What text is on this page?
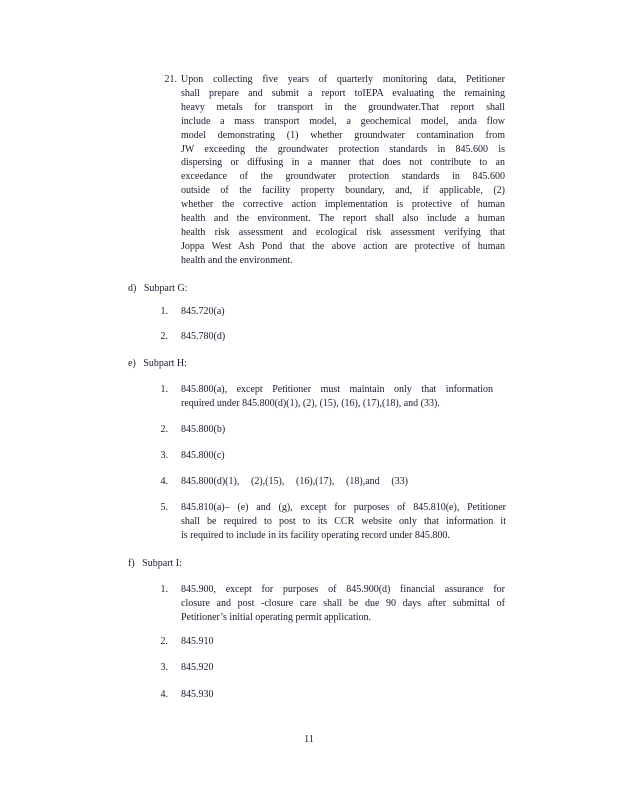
21. Upon collecting five years of quarterly monitoring data, Petitioner
shall prepare and submit a report toIEPA evaluating the remaining
heavy metals for transport in the groundwater.That report shall
include a mass transport model, a geochemical model, anda flow
model demonstrating (1) whether groundwater contamination from
JW exceeding the groundwater protection standards in 845.600 is
dispersing or diffusing in a manner that does not contribute to an
exceedance of the groundwater protection standards in 845.600
outside of the facility property boundary, and, if applicable, (2)
whether the corrective action implementation is protective of human
health and the environment. The report shall also include a human
health risk assessment and ecological risk assessment verifying that
Joppa West Ash Pond that the above action are protective of human
health and the environment.
d) Subpart G:
1. 845.720(a)
2. 845.780(d)
e) Subpart H:
1. 845.800(a), except Petitioner must maintain only that information
required under 845.800(d)(1), (2), (15), (16), (17),(18), and (33).
2. 845.800(b)
3. 845.800(c)
4. 845.800(d)(1), (2),(15), (16),(17), (18),and (33)
5. 845.810(a)– (e) and (g), except for purposes of 845.810(e), Petitioner
shall be required to post to its CCR website only that information it
is required to include in its facility operating record under 845.800.
f) Subpart I:
1. 845.900, except for purposes of 845.900(d) financial assurance for
closure and post -closure care shall be due 90 days after submittal of
Petitioner’s initial operating permit application.
2. 845.910
3. 845.920
4. 845.930
11
